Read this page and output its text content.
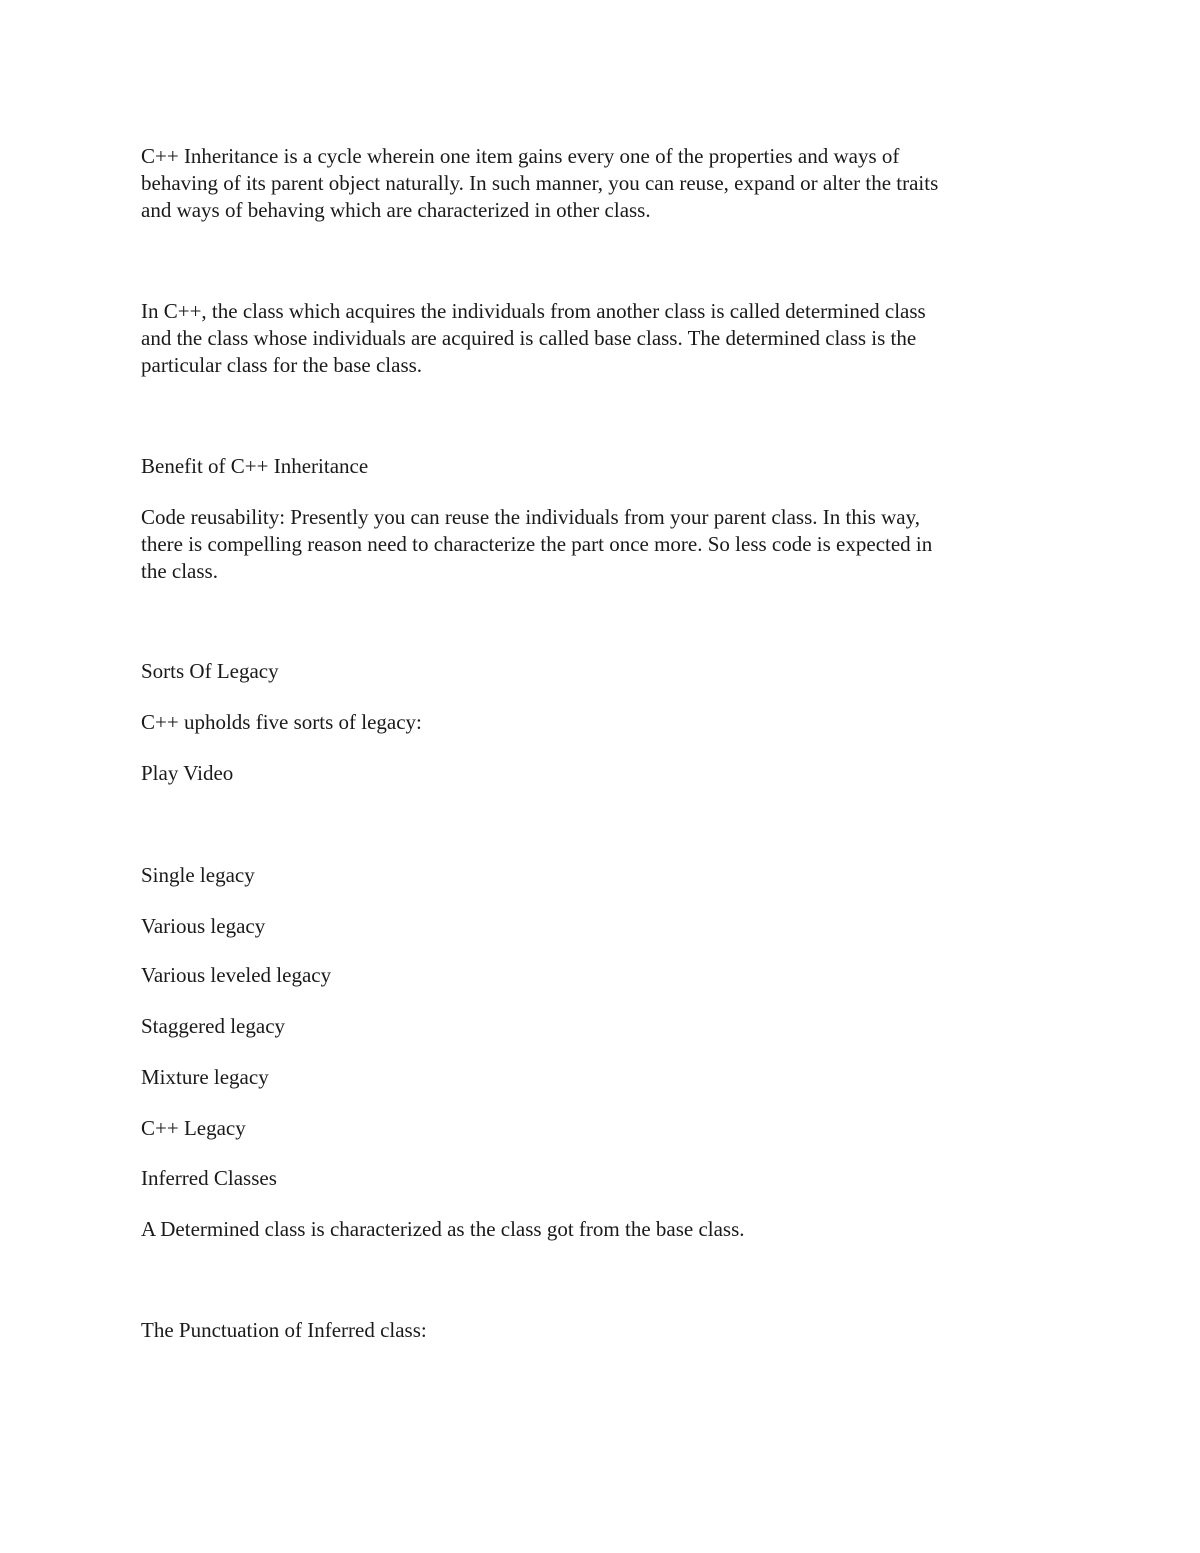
C++ Inheritance is a cycle wherein one item gains every one of the properties and ways of
behaving of its parent object naturally. In such manner, you can reuse, expand or alter the traits
and ways of behaving which are characterized in other class.
In C++, the class which acquires the individuals from another class is called determined class
and the class whose individuals are acquired is called base class. The determined class is the
particular class for the base class.
Benefit of C++ Inheritance
Code reusability: Presently you can reuse the individuals from your parent class. In this way,
there is compelling reason need to characterize the part once more. So less code is expected in
the class.
Sorts Of Legacy
C++ upholds five sorts of legacy:
Play Video
Single legacy
Various legacy
Various leveled legacy
Staggered legacy
Mixture legacy
C++ Legacy
Inferred Classes
A Determined class is characterized as the class got from the base class.
The Punctuation of Inferred class:
